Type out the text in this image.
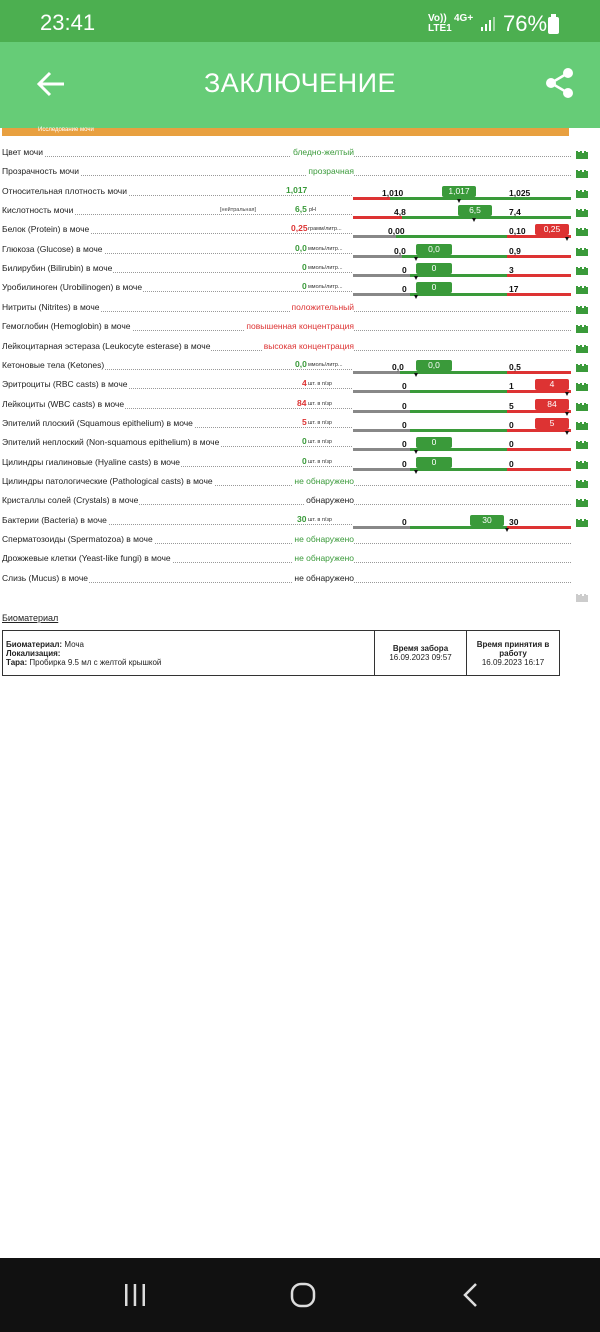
23:41	Vo)) LTE1
4G+ 76%
ЗАКЛЮЧЕНИЕ
Исследование мочи
Цвет мочи	бледно-желтый
Прозрачность мочи	прозрачная
Относительная плотность мочи	1,017	1,010	1,025
1,017
Кислотность мочи	[нейтральная]	6,5 pH	4,8	7,4
6,5
Белок (Protein) в моче	0,25 грамм/литр...	0,00	0,10	0,25
Глюкоза (Glucose) в моче	0,0 ммоль/литр...	0,0	0,9
0,0
Билирубин (Bilirubin) в моче	0 ммоль/литр...	0	3
0
Уробилиноген (Urobilinogen) в моче	0 ммоль/литр...	0	17
0
Нитриты (Nitrites) в моче	положительный
Гемоглобин (Hemoglobin) в моче	повышенная концентрация
Лейкоцитарная эстераза (Leukocyte esterase) в моче	высокая концентрация
Кетоновые тела (Ketones)	0,0 ммоль/литр...	0,0	0,5
0,0
Эритроциты (RBC casts) в моче	4 шт. в п/зр	0	1	4
Лейкоциты (WBC casts) в моче	84 шт. в п/зр	0	5	84
Эпителий плоский (Squamous epithelium) в моче	5 шт. в п/зр	0	0	5
Эпителий неплоский (Non-squamous epithelium) в моче	0 шт. в п/зр	0	0
0
Цилиндры гиалиновые (Hyaline casts) в моче	0 шт. в п/зр	0	0
0
Цилиндры патологические (Pathological casts) в моче	не обнаружено
Кристаллы солей (Crystals) в моче	обнаружено
Бактерии (Bacteria) в моче	30 шт. в п/зр	0	30
30
Сперматозоиды (Spermatozoa) в моче	не обнаружено
Дрожжевые клетки (Yeast-like fungi) в моче	не обнаружено
Слизь (Mucus) в моче	не обнаружено
Биоматериал
Биоматериал: Моча
Локализация:
Тара: Пробирка 9.5 мл с желтой крышкой

Время забора
16.09.2023 09:57

Время принятия в работу
16.09.2023 16:17
